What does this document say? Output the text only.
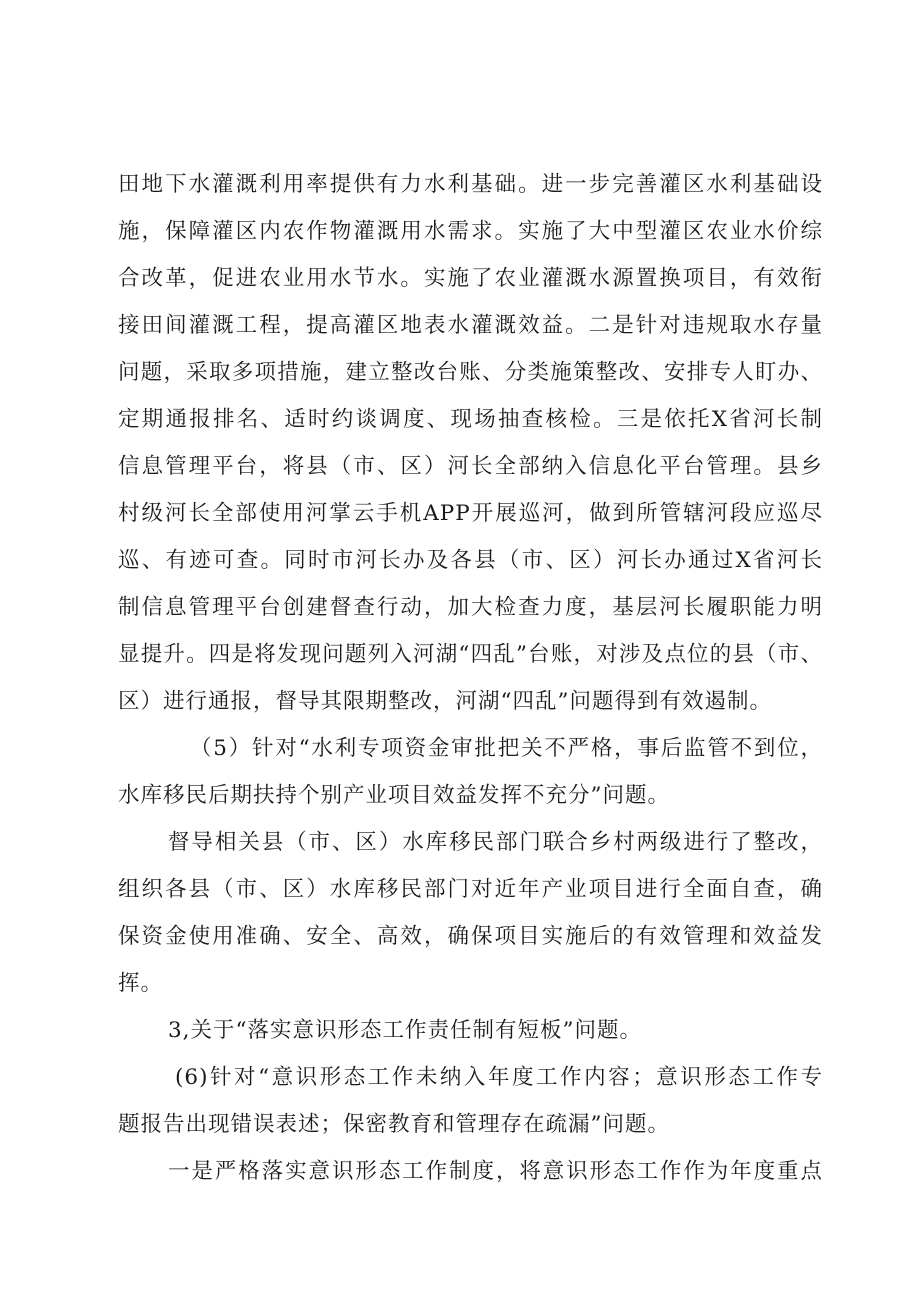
田地下水灌溉利用率提供有力水利基础。进一步完善灌区水利基础设
施，保障灌区内农作物灌溉用水需求。实施了大中型灌区农业水价综
合改革，促进农业用水节水。实施了农业灌溉水源置换项目，有效衔
接田间灌溉工程，提高灌区地表水灌溉效益。二是针对违规取水存量
问题，采取多项措施，建立整改台账、分类施策整改、安排专人盯办、
定期通报排名、适时约谈调度、现场抽查核检。三是依托X省河长制
信息管理平台，将县（市、区）河长全部纳入信息化平台管理。县乡
村级河长全部使用河掌云手机APP开展巡河，做到所管辖河段应巡尽
巡、有迹可查。同时市河长办及各县（市、区）河长办通过X省河长
制信息管理平台创建督查行动，加大检查力度，基层河长履职能力明
显提升。四是将发现问题列入河湖“四乱”台账，对涉及点位的县（市、
区）进行通报，督导其限期整改，河湖“四乱”问题得到有效遏制。
（5）针对“水利专项资金审批把关不严格，事后监管不到位，
水库移民后期扶持个别产业项目效益发挥不充分”问题。
督导相关县（市、区）水库移民部门联合乡村两级进行了整改，
组织各县（市、区）水库移民部门对近年产业项目进行全面自查，确
保资金使用准确、安全、高效，确保项目实施后的有效管理和效益发
挥。
3,关于“落实意识形态工作责任制有短板”问题。
(6)针对“意识形态工作未纳入年度工作内容；意识形态工作专
题报告出现错误表述；保密教育和管理存在疏漏”问题。
一是严格落实意识形态工作制度，将意识形态工作作为年度重点
